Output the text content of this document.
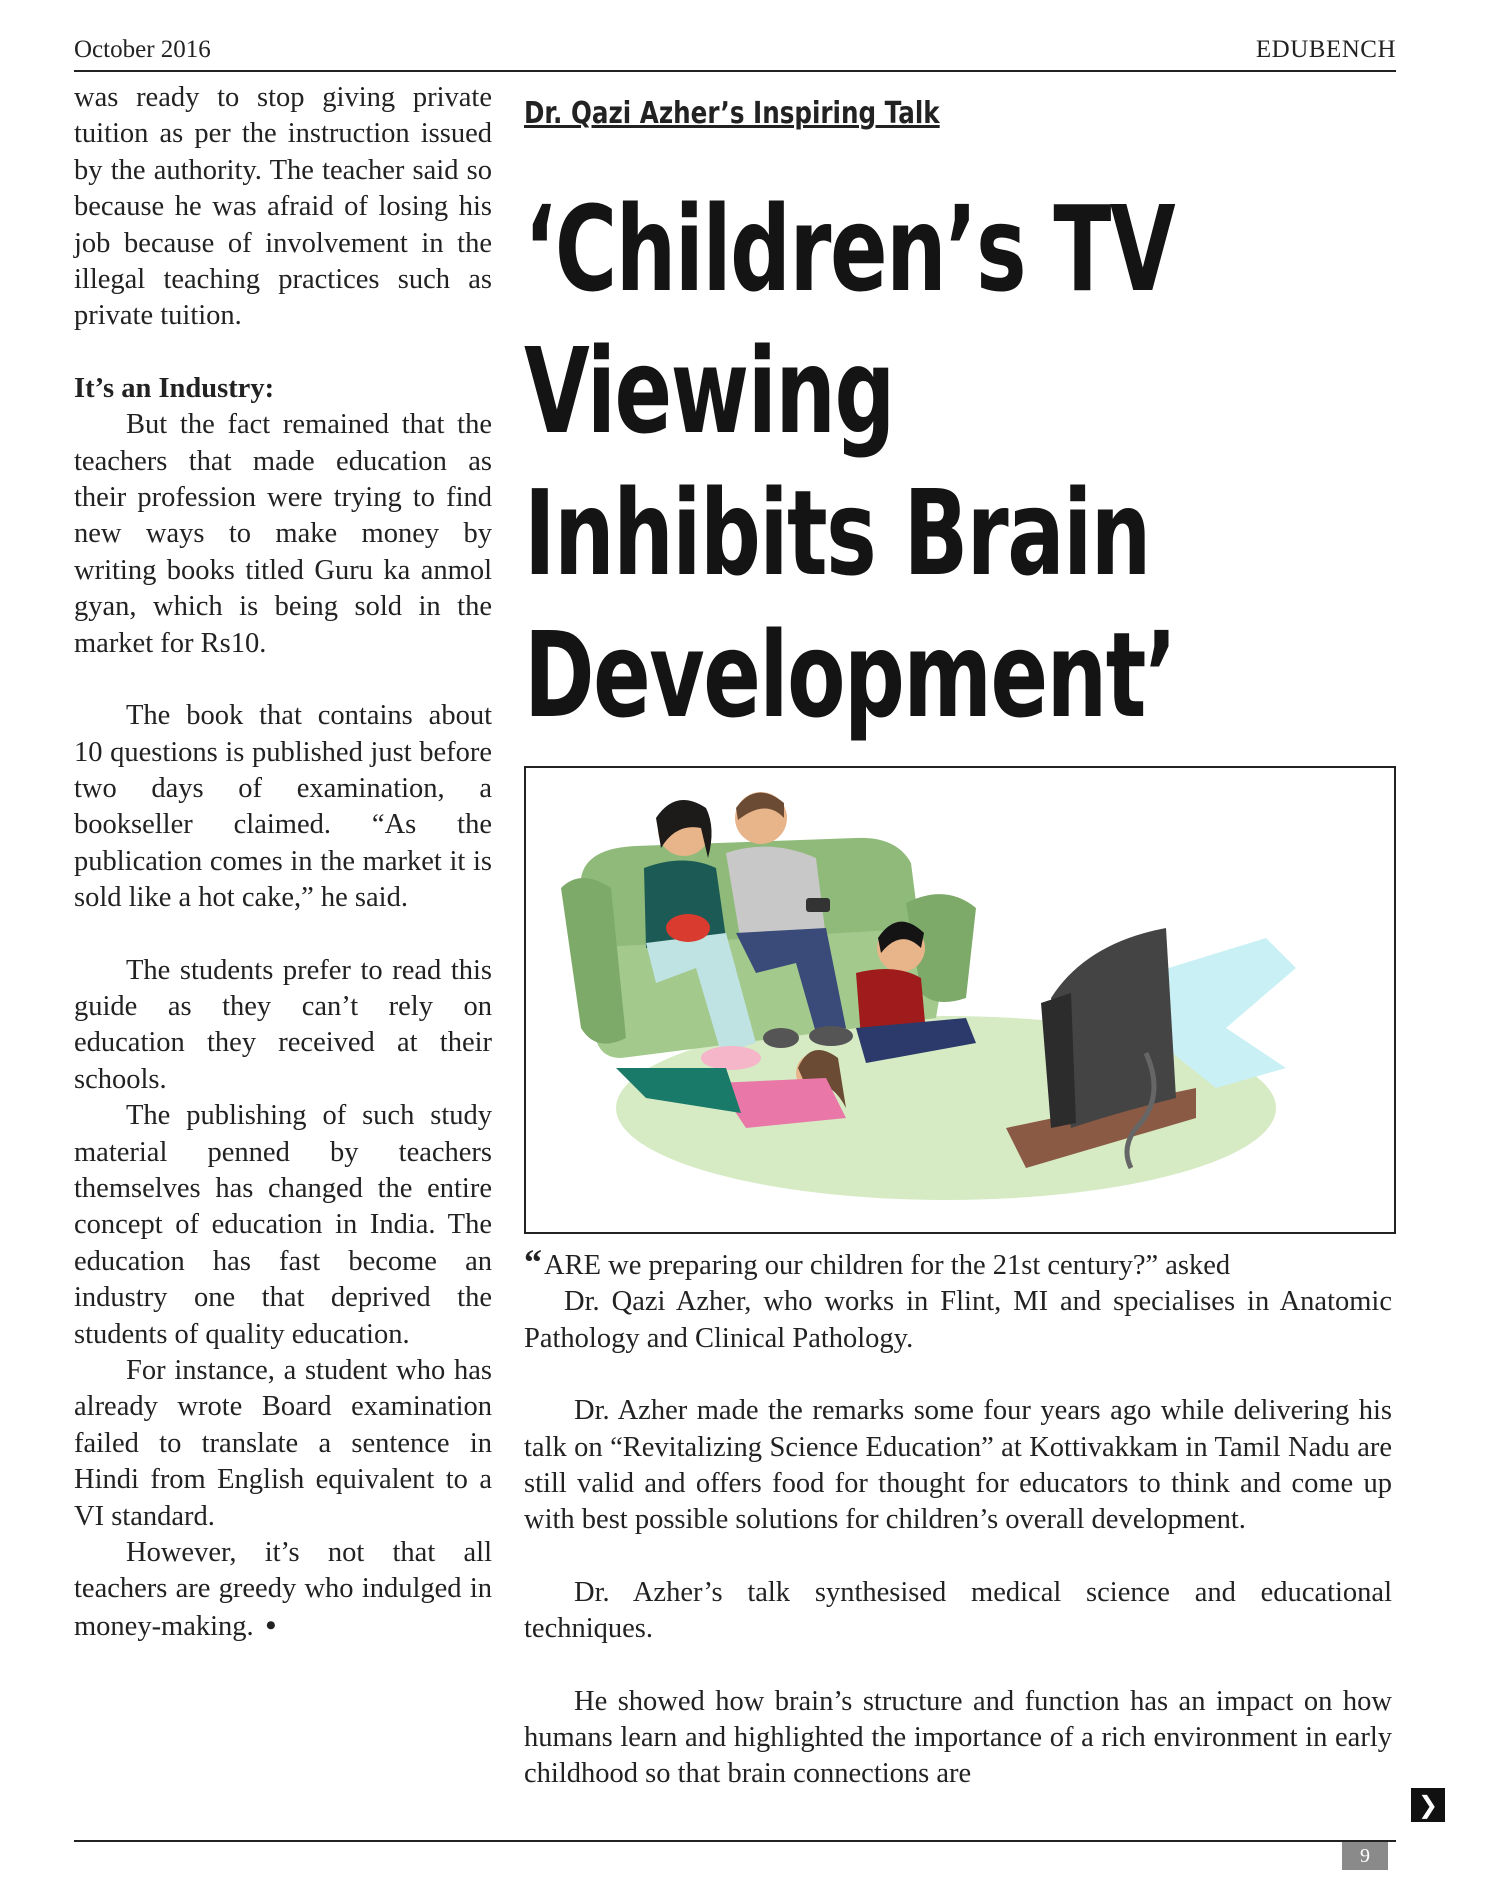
October 2016	EDUBENCH

was ready to stop giving private tuition as per the instruction issued by the authority. The teacher said so because he was afraid of losing his job because of involvement in the illegal teaching practices such as private tuition.

It’s an Industry:

But the fact remained that the teachers that made education as their profession were trying to find new ways to make money by writing books titled Guru ka anmol gyan, which is being sold in the market for Rs10.

The book that contains about 10 questions is published just before two days of examination, a bookseller claimed. “As the publication comes in the market it is sold like a hot cake,” he said.

The students prefer to read this guide as they can’t rely on education they received at their schools.

The publishing of such study material penned by teachers themselves has changed the entire concept of education in India. The education has fast become an industry one that deprived the students of quality education.

For instance, a student who has already wrote Board examination failed to translate a sentence in Hindi from English equivalent to a VI standard.

However, it’s not that all teachers are greedy who indulged in money-making. •

Dr. Qazi Azher’s Inspiring Talk
‘Children’s TV
Viewing
Inhibits Brain
Development’

“ARE we preparing our children for the 21st century?” asked

Dr. Qazi Azher, who works in Flint, MI and specialises in Anatomic Pathology and Clinical Pathology.

Dr. Azher made the remarks some four years ago while delivering his talk on “Revitalizing Science Education” at Kottivakkam in Tamil Nadu are still valid and offers food for thought for educators to think and come up with best possible solutions for children’s overall development.

Dr. Azher’s talk synthesised medical science and educational techniques.

He showed how brain’s structure and function has an impact on how humans learn and highlighted the importance of a rich environment in early childhood so that brain connections are

❯
9
